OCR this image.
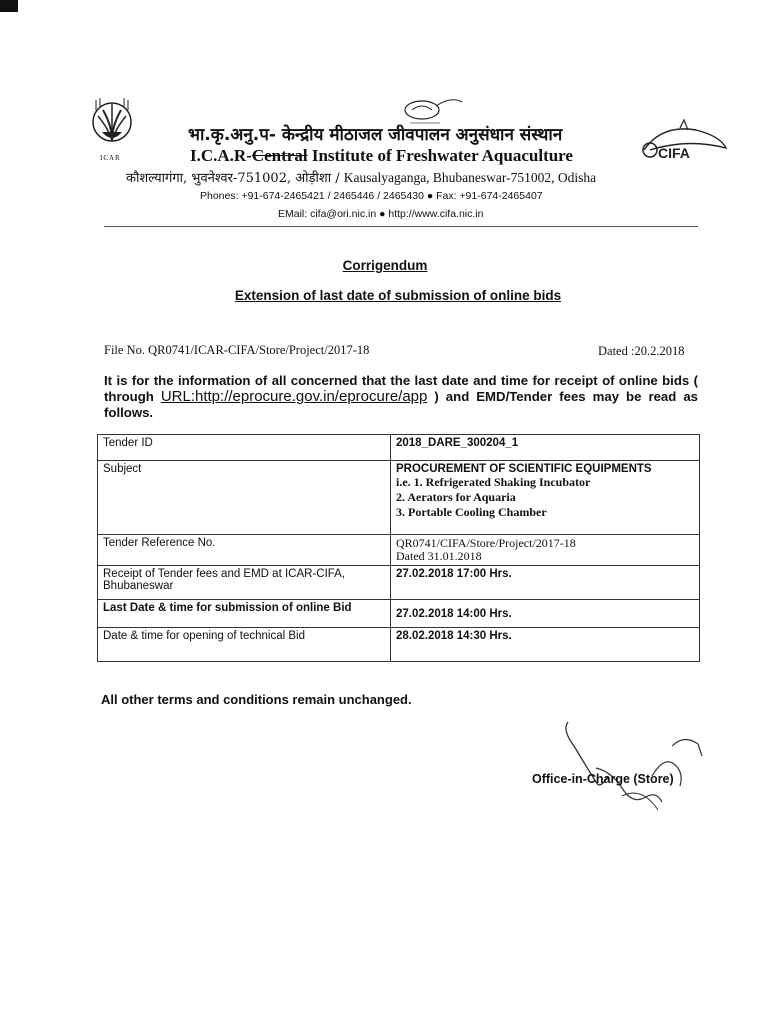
ICAR
भा.कृ.अनु.प- केन्द्रीय मीठाजल जीवपालन अनुसंधान संस्थान
I.C.A.R-Central Institute of Freshwater Aquaculture	CIFA
कौशल्यागंगा, भुवनेश्वर-751002, ओड़ीशा / Kausalyaganga, Bhubaneswar-751002, Odisha
Phones: +91-674-2465421 / 2465446 / 2465430 ● Fax: +91-674-2465407
EMail: cifa@ori.nic.in ● http://www.cifa.nic.in
Corrigendum
Extension of last date of submission of online bids
File No. QR0741/ICAR-CIFA/Store/Project/2017-18	Dated :20.2.2018
It is for the information of all concerned that the last date and time for receipt of online bids ( through URL:http://eprocure.gov.in/eprocure/app ) and EMD/Tender fees may be read as follows.
Tender ID	2018_DARE_300204_1
Subject	PROCUREMENT OF SCIENTIFIC EQUIPMENTS
i.e. 1. Refrigerated Shaking Incubator
2. Aerators for Aquaria
3. Portable Cooling Chamber

Tender Reference No.	QR0741/CIFA/Store/Project/2017-18
Dated 31.01.2018

Receipt of Tender fees and EMD at ICAR-CIFA, Bhubaneswar	27.02.2018 17:00 Hrs.
Last Date & time for submission of online Bid	27.02.2018 14:00 Hrs.
Date & time for opening of technical Bid	28.02.2018 14:30 Hrs.
All other terms and conditions remain unchanged.
Office-in-Charge (Store)
